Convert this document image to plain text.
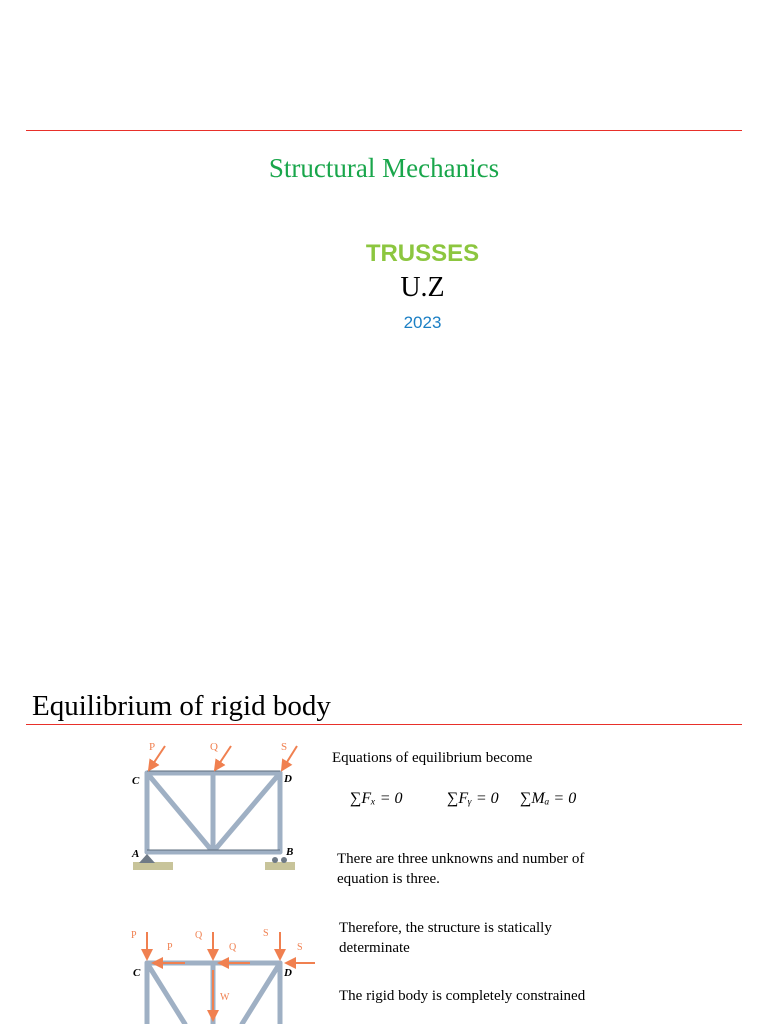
Structural Mechanics
TRUSSES
U.Z
2023
Equilibrium of rigid body
Equations of equilibrium become
∑Fₓ = 0	∑Fᵧ = 0 ∑Mₐ = 0
There are three unknowns and number of equation is three.
Therefore, the structure is statically determinate
The rigid body is completely constrained
P	Q	S
C	D
A	B
P
P
Q
Q
S
S
W
C	D
